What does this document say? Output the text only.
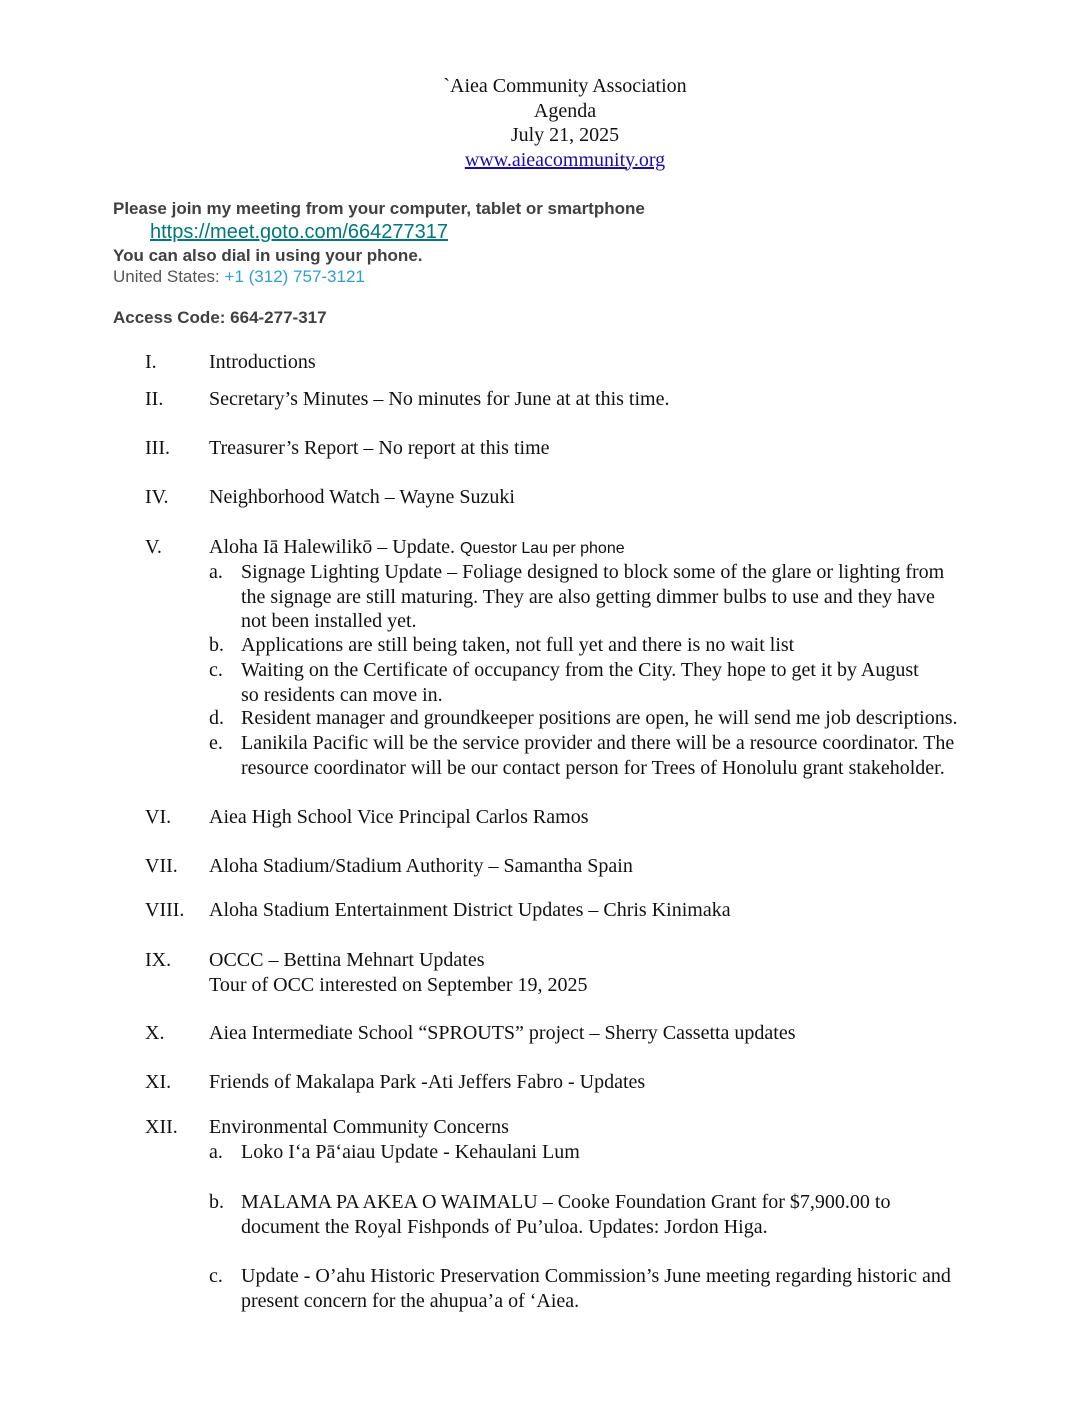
`Aiea Community Association
Agenda
July 21, 2025
www.aieacommunity.org
Please join my meeting from your computer, tablet or smartphone
https://meet.goto.com/664277317
You can also dial in using your phone.
United States: +1 (312) 757-3121
Access Code: 664-277-317
I.	Introductions
II. Secretary’s Minutes – No minutes for June at at this time.
III. Treasurer’s Report – No report at this time
IV. Neighborhood Watch – Wayne Suzuki
V. Aloha Iā Halewilikō – Update. Questor Lau per phone
a. Signage Lighting Update – Foliage designed to block some of the glare or lighting from
the signage are still maturing. They are also getting dimmer bulbs to use and they have
not been installed yet.
b. Applications are still being taken, not full yet and there is no wait list
c. Waiting on the Certificate of occupancy from the City. They hope to get it by August
so residents can move in.
d. Resident manager and groundkeeper positions are open, he will send me job descriptions.
e. Lanikila Pacific will be the service provider and there will be a resource coordinator. The
resource coordinator will be our contact person for Trees of Honolulu grant stakeholder.
VI. Aiea High School Vice Principal Carlos Ramos
VII. Aloha Stadium/Stadium Authority – Samantha Spain
VIII. Aloha Stadium Entertainment District Updates – Chris Kinimaka
IX. OCCC – Bettina Mehnart Updates
Tour of OCC interested on September 19, 2025
X. Aiea Intermediate School “SPROUTS” project – Sherry Cassetta updates
XI. Friends of Makalapa Park -Ati Jeffers Fabro - Updates
XII. Environmental Community Concerns
a. Loko Iʻa Pāʻaiau Update - Kehaulani Lum
b. MALAMA PA AKEA O WAIMALU – Cooke Foundation Grant for $7,900.00 to
document the Royal Fishponds of Pu’uloa. Updates: Jordon Higa.
c. Update - O’ahu Historic Preservation Commission’s June meeting regarding historic and
present concern for the ahupua’a of ‘Aiea.
